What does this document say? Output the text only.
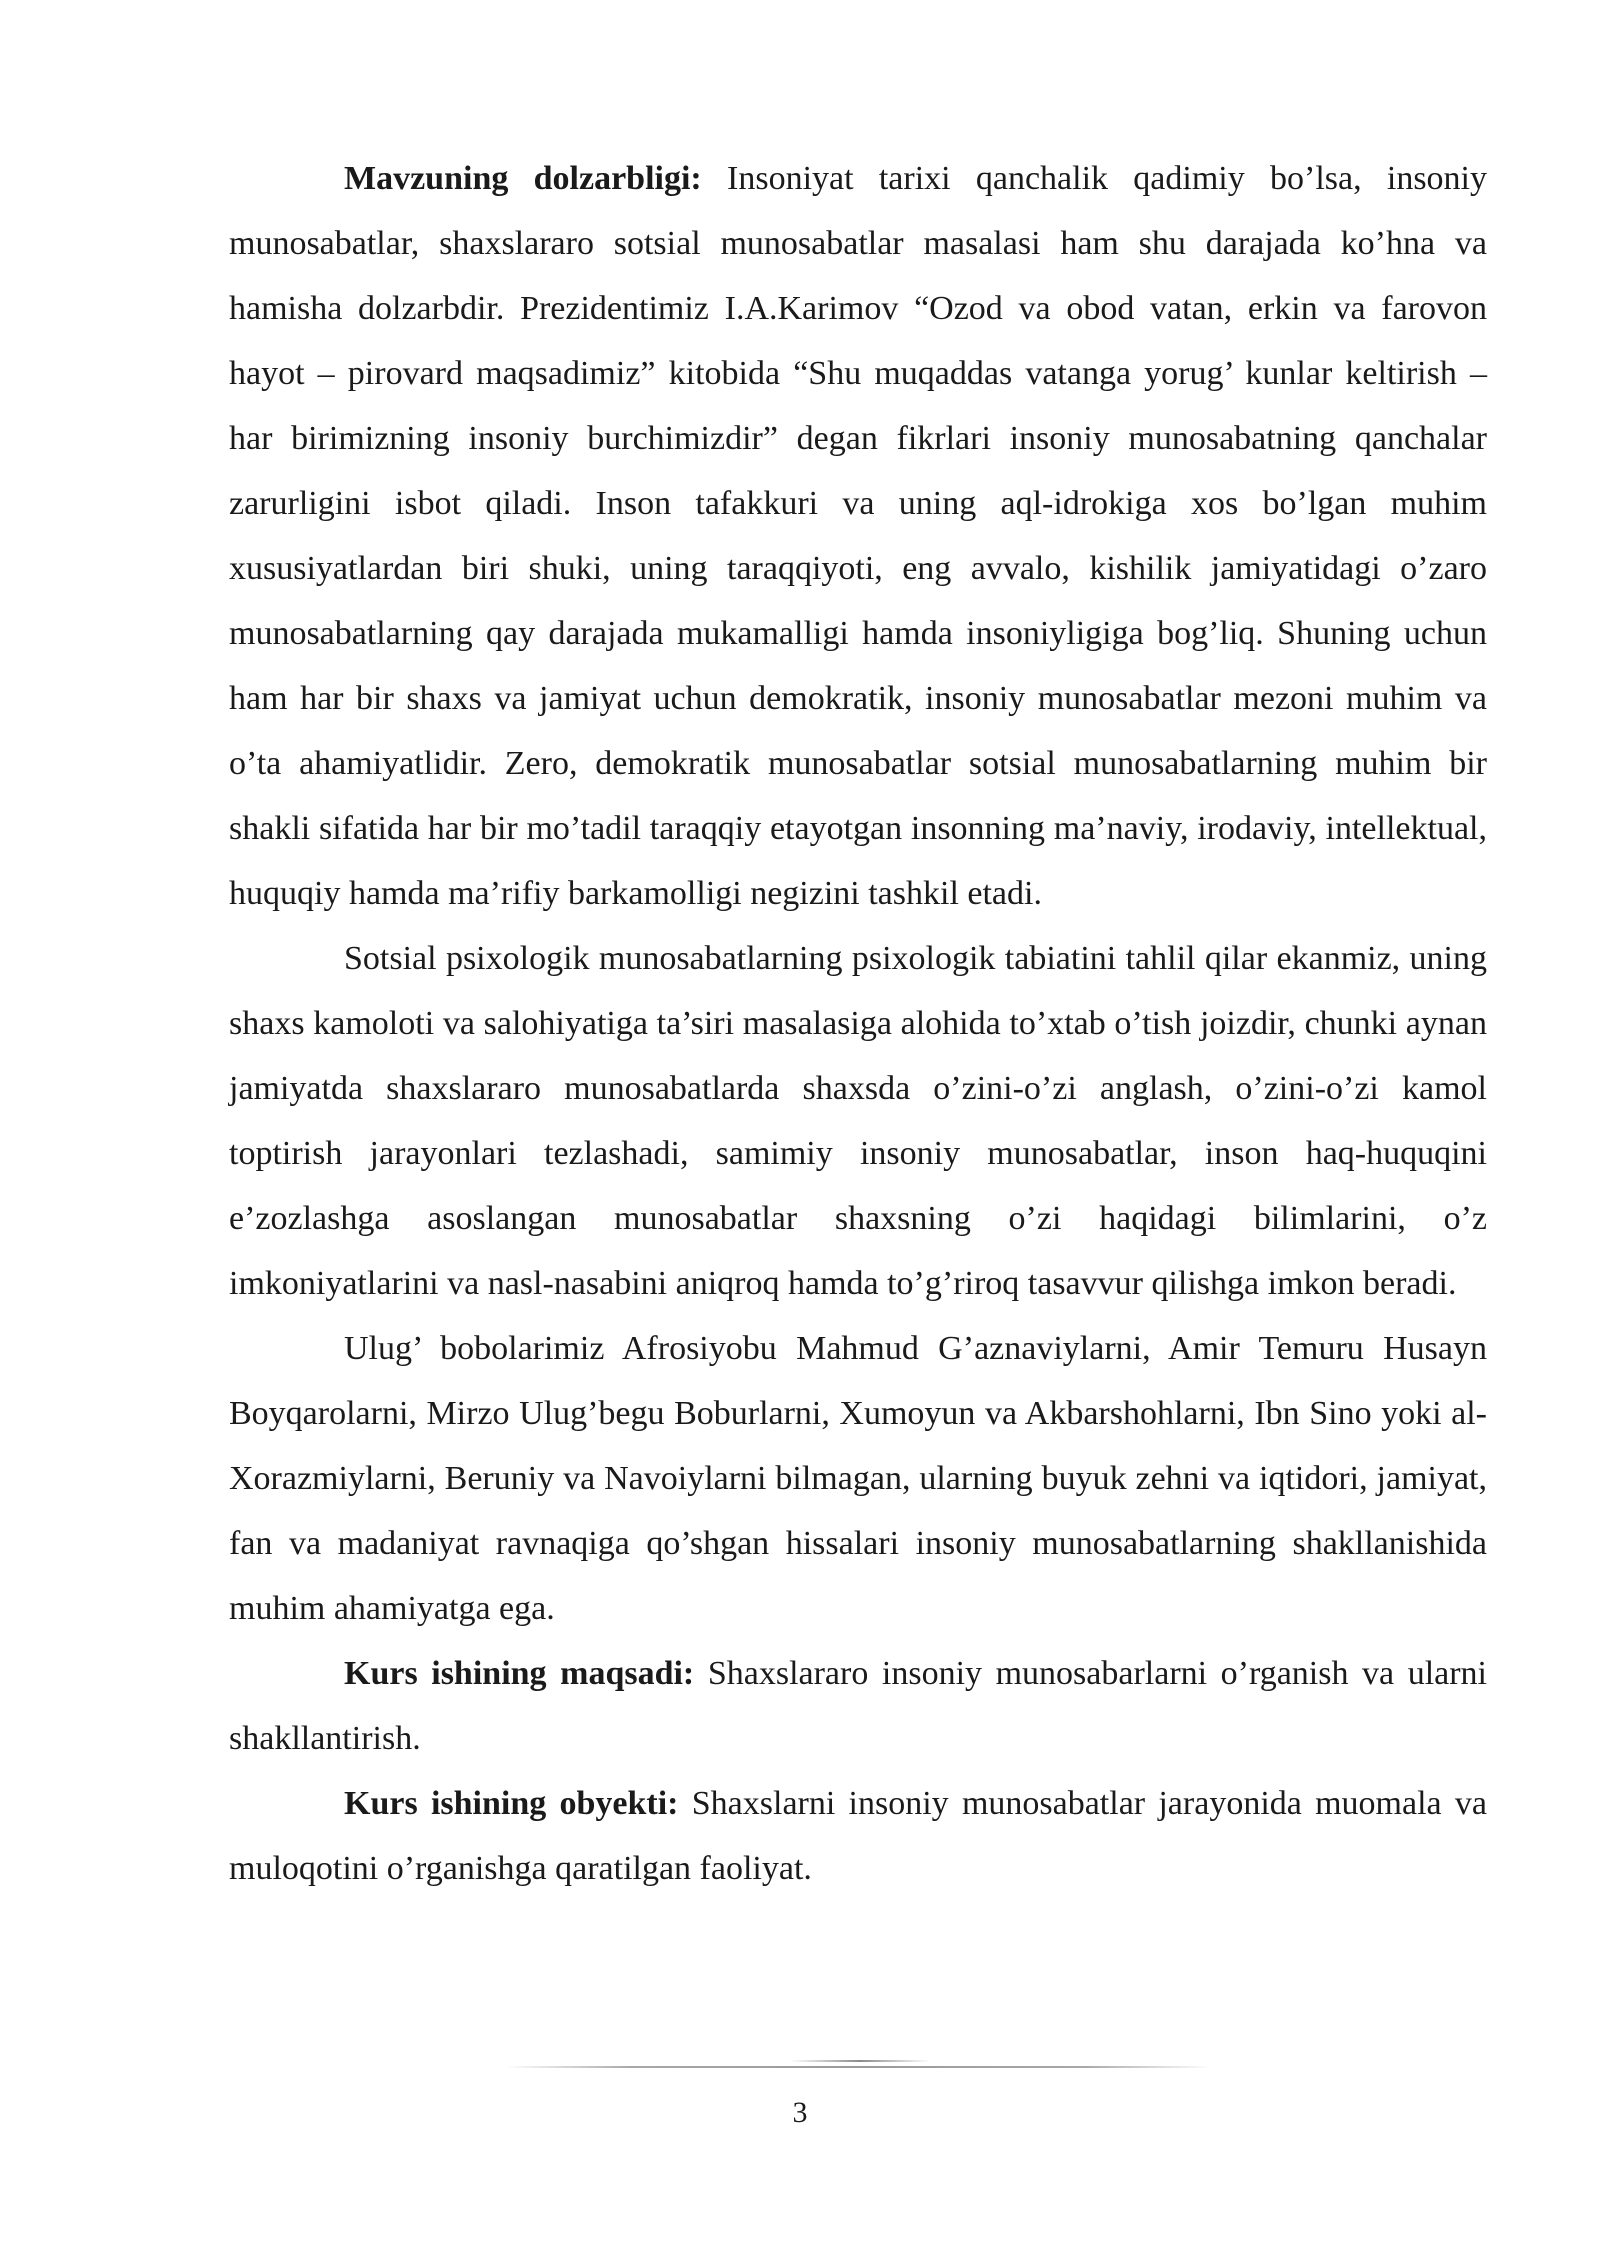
Mavzuning dolzarbligi: Insoniyat tarixi qanchalik qadimiy bo’lsa, insoniy munosabatlar, shaxslararo sotsial munosabatlar masalasi ham shu darajada ko’hna va hamisha dolzarbdir. Prezidentimiz I.A.Karimov “Ozod va obod vatan, erkin va farovon hayot – pirovard maqsadimiz” kitobida “Shu muqaddas vatanga yorug’ kunlar keltirish – har birimizning insoniy burchimizdir” degan fikrlari insoniy munosabatning qanchalar zarurligini isbot qiladi. Inson tafakkuri va uning aql-idrokiga xos bo’lgan muhim xususiyatlardan biri shuki, uning taraqqiyoti, eng avvalo, kishilik jamiyatidagi o’zaro munosabatlarning qay darajada mukamalligi hamda insoniyligiga bog’liq. Shuning uchun ham har bir shaxs va jamiyat uchun demokratik, insoniy munosabatlar mezoni muhim va o’ta ahamiyatlidir. Zero, demokratik munosabatlar sotsial munosabatlarning muhim bir shakli sifatida har bir mo’tadil taraqqiy etayotgan insonning ma’naviy, irodaviy, intellektual, huquqiy hamda ma’rifiy barkamolligi negizini tashkil etadi.

Sotsial psixologik munosabatlarning psixologik tabiatini tahlil qilar ekanmiz, uning shaxs kamoloti va salohiyatiga ta’siri masalasiga alohida to’xtab o’tish joizdir, chunki aynan jamiyatda shaxslararo munosabatlarda shaxsda o’zini-o’zi anglash, o’zini-o’zi kamol toptirish jarayonlari tezlashadi, samimiy insoniy munosabatlar, inson haq-huquqini e’zozlashga asoslangan munosabatlar shaxsning o’zi haqidagi bilimlarini, o’z imkoniyatlarini va nasl-nasabini aniqroq hamda to’g’riroq tasavvur qilishga imkon beradi.

Ulug’ bobolarimiz Afrosiyobu Mahmud G’aznaviylarni, Amir Temuru Husayn Boyqarolarni, Mirzo Ulug’begu Boburlarni, Xumoyun va Akbarshohlarni, Ibn Sino yoki al-Xorazmiylarni, Beruniy va Navoiylarni bilmagan, ularning buyuk zehni va iqtidori, jamiyat, fan va madaniyat ravnaqiga qo’shgan hissalari insoniy munosabatlarning shakllanishida muhim ahamiyatga ega.

Kurs ishining maqsadi: Shaxslararo insoniy munosabarlarni o’rganish va ularni shakllantirish.

Kurs ishining obyekti: Shaxslarni insoniy munosabatlar jarayonida muomala va muloqotini o’rganishga qaratilgan faoliyat.

3
